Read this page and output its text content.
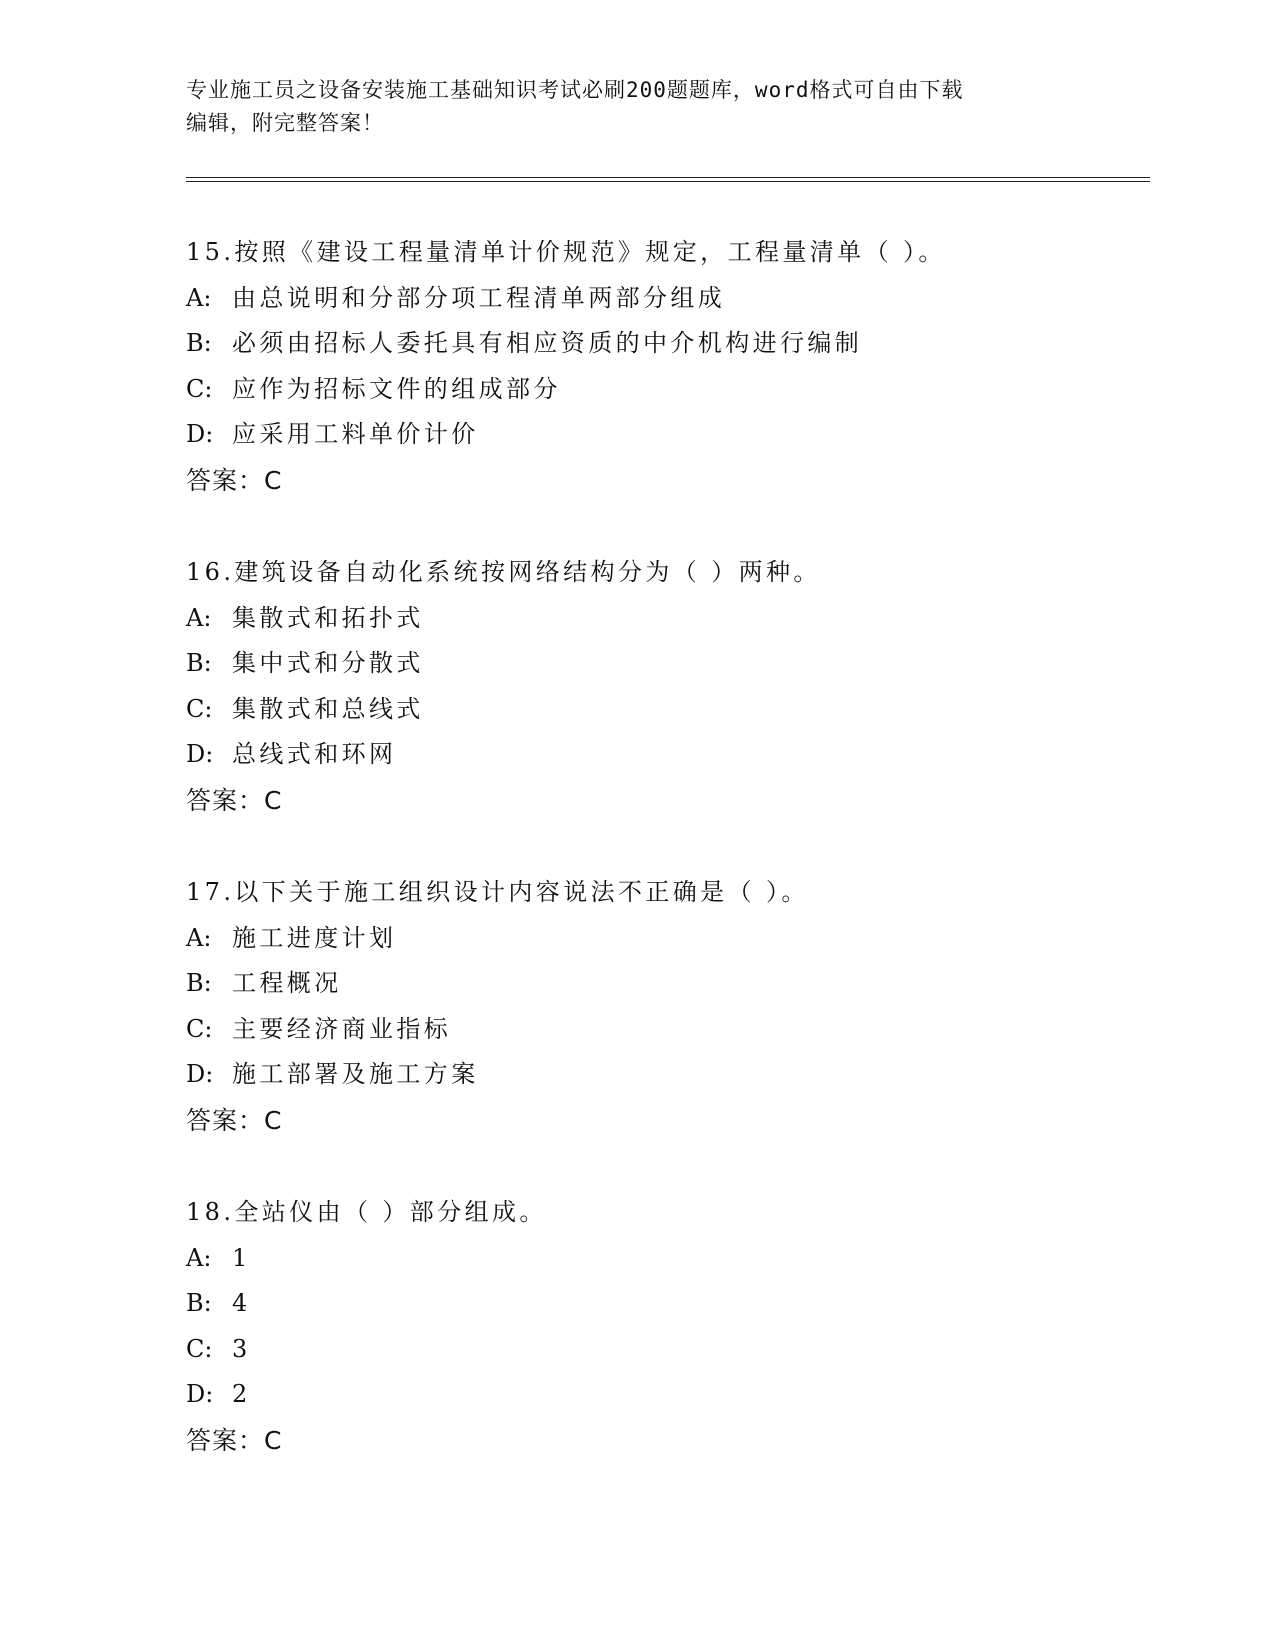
专业施工员之设备安装施工基础知识考试必刷200题题库，word格式可自由下载
编辑，附完整答案！
15.按照《建设工程量清单计价规范》规定，工程量清单（ ）。
A: 由总说明和分部分项工程清单两部分组成
B: 必须由招标人委托具有相应资质的中介机构进行编制
C: 应作为招标文件的组成部分
D: 应采用工料单价计价
答案：C
16.建筑设备自动化系统按网络结构分为（ ）两种。
A: 集散式和拓扑式
B: 集中式和分散式
C: 集散式和总线式
D: 总线式和环网
答案：C
17.以下关于施工组织设计内容说法不正确是（ ）。
A: 施工进度计划
B: 工程概况
C: 主要经济商业指标
D: 施工部署及施工方案
答案：C
18.全站仪由（ ）部分组成。
A: 1
B: 4
C: 3
D: 2
答案：C
